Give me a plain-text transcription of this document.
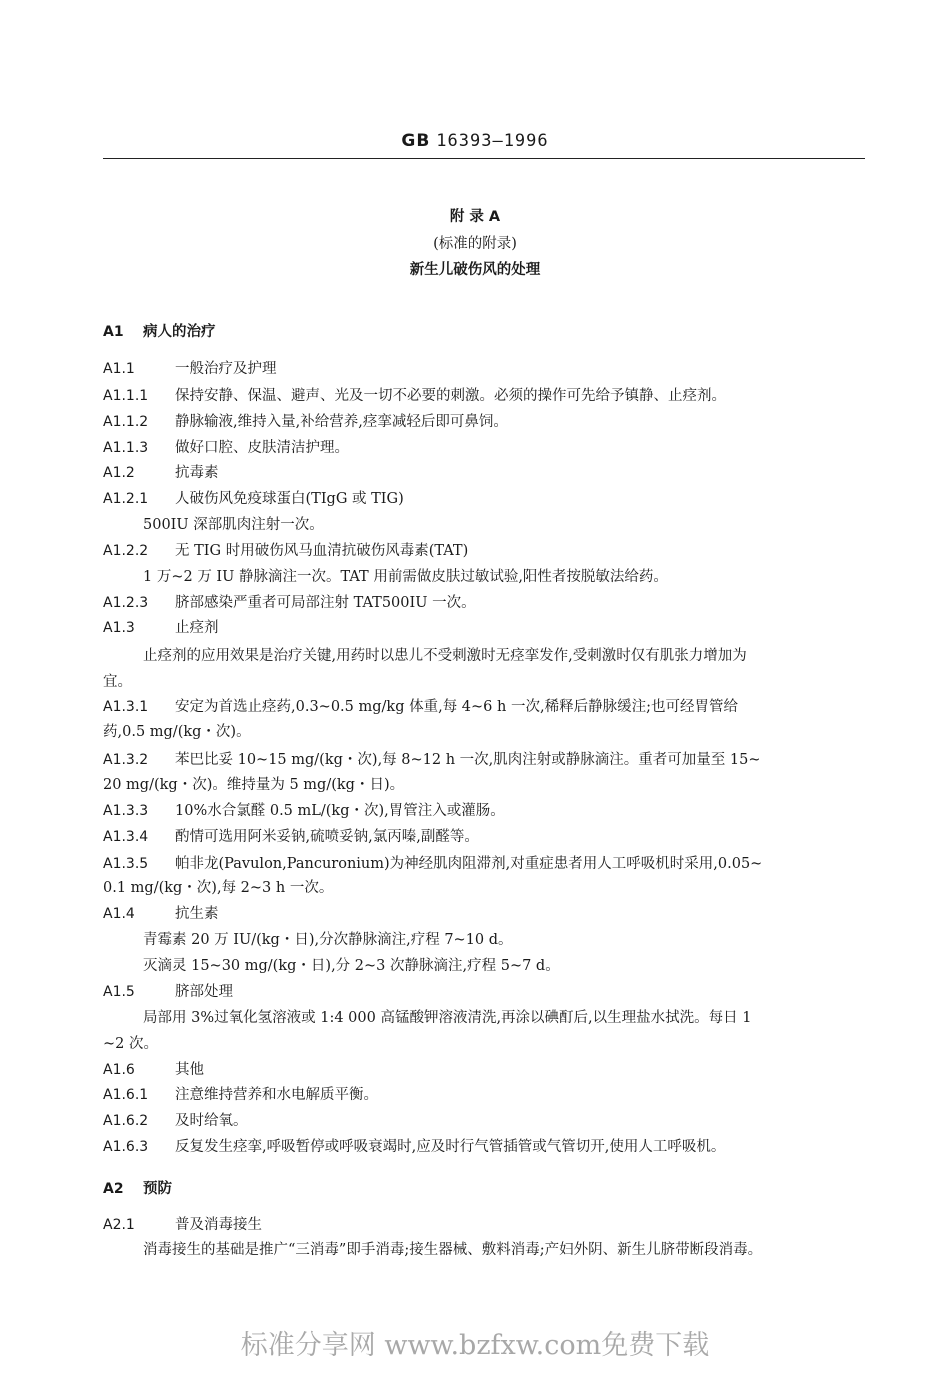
GB 16393—1996
附 录 A
(标准的附录)
新生儿破伤风的处理
A1 病人的治疗
A1.1	一般治疗及护理
A1.1.1 保持安静、保温、避声、光及一切不必要的刺激。必须的操作可先给予镇静、止痉剂。
A1.1.2 静脉输液,维持入量,补给营养,痉挛减轻后即可鼻饲。
A1.1.3 做好口腔、皮肤清洁护理。
A1.2	抗毒素
A1.2.1 人破伤风免疫球蛋白(TIgG 或 TIG)
500IU 深部肌肉注射一次。
A1.2.2 无 TIG 时用破伤风马血清抗破伤风毒素(TAT)
1 万~2 万 IU 静脉滴注一次。TAT 用前需做皮肤过敏试验,阳性者按脱敏法给药。
A1.2.3 脐部感染严重者可局部注射 TAT500IU 一次。
A1.3	止痉剂
止痉剂的应用效果是治疗关键,用药时以患儿不受刺激时无痉挛发作,受刺激时仅有肌张力增加为
宜。
A1.3.1 安定为首选止痉药,0.3~0.5 mg/kg 体重,每 4~6 h 一次,稀释后静脉缓注;也可经胃管给
药,0.5 mg/(kg・次)。
A1.3.2 苯巴比妥 10~15 mg/(kg・次),每 8~12 h 一次,肌肉注射或静脉滴注。重者可加量至 15~
20 mg/(kg・次)。维持量为 5 mg/(kg・日)。
A1.3.3 10%水合氯醛 0.5 mL/(kg・次),胃管注入或灌肠。
A1.3.4 酌情可选用阿米妥钠,硫喷妥钠,氯丙嗪,副醛等。
A1.3.5 帕非龙(Pavulon,Pancuronium)为神经肌肉阻滞剂,对重症患者用人工呼吸机时采用,0.05~
0.1 mg/(kg・次),每 2~3 h 一次。
A1.4	抗生素
青霉素 20 万 IU/(kg・日),分次静脉滴注,疗程 7~10 d。
灭滴灵 15~30 mg/(kg・日),分 2~3 次静脉滴注,疗程 5~7 d。
A1.5	脐部处理
局部用 3%过氧化氢溶液或 1:4 000 高锰酸钾溶液清洗,再涂以碘酊后,以生理盐水拭洗。每日 1
~2 次。
A1.6	其他
A1.6.1 注意维持营养和水电解质平衡。
A1.6.2 及时给氧。
A1.6.3 反复发生痉挛,呼吸暂停或呼吸衰竭时,应及时行气管插管或气管切开,使用人工呼吸机。
A2 预防
A2.1	普及消毒接生
消毒接生的基础是推广“三消毒”即手消毒;接生器械、敷料消毒;产妇外阴、新生儿脐带断段消毒。
标准分享网 www.bzfxw.com免费下载
